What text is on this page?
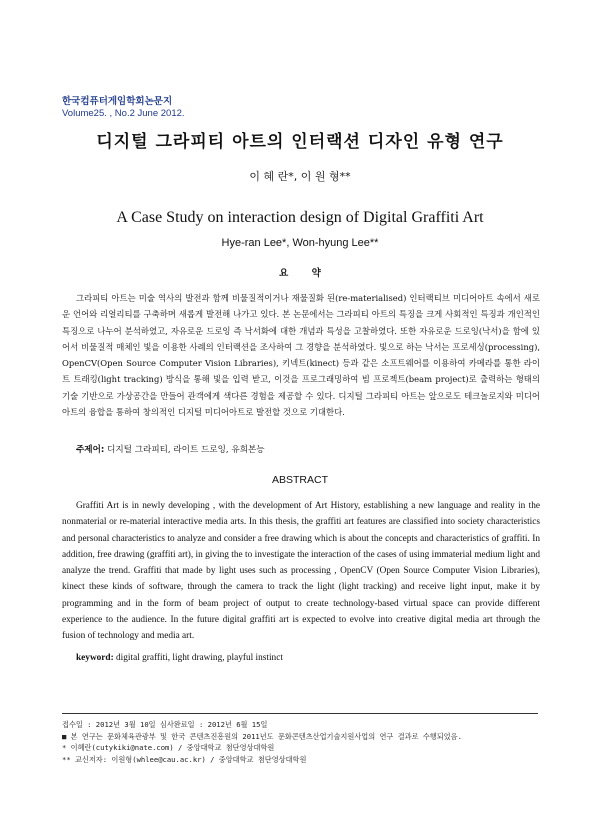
한국컴퓨터게임학회논문지
Volume25. , No.2 June 2012.
디지털 그라피티 아트의 인터랙션 디자인 유형 연구
이 혜 란*, 이 원 형**
A Case Study on interaction design of Digital Graffiti Art
Hye-ran Lee*, Won-hyung Lee**
요 약

그라피티 아트는 미술 역사의 발전과 함께 비물질적이거나 재물질화 된(re-materialised) 인터랙티브 미디어아트 속에서 새로운 언어와 리얼리티를 구축하며 새롭게 발전해 나가고 있다. 본 논문에서는 그라피티 아트의 특징을 크게 사회적인 특징과 개인적인 특징으로 나누어 분석하였고, 자유로운 드로잉 즉 낙서화에 대한 개념과 특성을 고찰하였다. 또한 자유로운 드로잉(낙서)을 함에 있어서 비물질적 매체인 빛을 이용한 사례의 인터랙션을 조사하여 그 경향을 분석하였다. 빛으로 하는 낙서는 프로세싱(processing), OpenCV(Open Source Computer Vision Libraries), 키넥트(kinect) 등과 같은 소프트웨어를 이용하여 카메라를 통한 라이트 트래킹(light tracking) 방식을 통해 빛을 입력 받고, 이것을 프로그래밍하여 빔 프로젝트(beam project)로 출력하는 형태의 기술 기반으로 가상공간을 만들어 관객에게 색다른 경험을 제공할 수 있다. 디지털 그라피티 아트는 앞으로도 테크놀로지와 미디어아트의 융합을 통하여 창의적인 디지털 미디어아트로 발전할 것으로 기대한다.

주제어: 디지털 그라피티, 라이트 드로잉, 유희본능
ABSTRACT

Graffiti Art is in newly developing , with the development of Art History, establishing a new language and reality in the nonmaterial or re-material interactive media arts. In this thesis, the graffiti art features are classified into society characteristics and personal characteristics to analyze and consider a free drawing which is about the concepts and characteristics of graffiti. In addition, free drawing (graffiti art), in giving the to investigate the interaction of the cases of using immaterial medium light and analyze the trend. Graffiti that made by light uses such as processing , OpenCV (Open Source Computer Vision Libraries), kinect these kinds of software, through the camera to track the light (light tracking) and receive light input, make it by programming and in the form of beam project of output to create technology-based virtual space can provide different experience to the audience. In the future digital graffiti art is expected to evolve into creative digital media art through the fusion of technology and media art.

keyword: digital graffiti, light drawing, playful instinct
접수일 : 2012년 3월 10일 심사완료일 : 2012년 6월 15일
■ 본 연구는 문화체육관광부 및 한국 콘텐츠진흥원의 2011년도 문화콘텐츠산업기술지원사업의 연구 결과로 수행되었음.
* 이혜란(cutykiki@nate.com) / 중앙대학교 첨단영상대학원
** 교신저자: 이원형(whlee@cau.ac.kr) / 중앙대학교 첨단영상대학원
